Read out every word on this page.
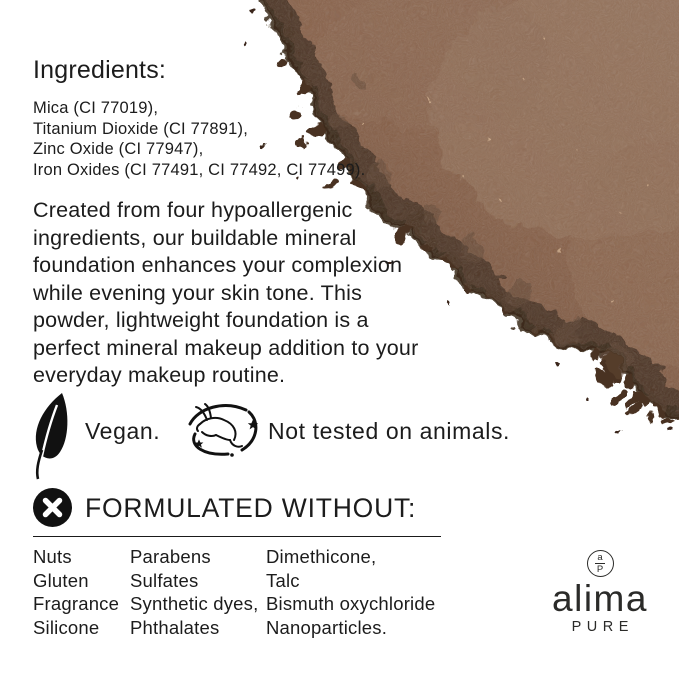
Ingredients:
Mica (CI 77019),
Titanium Dioxide (CI 77891),
Zinc Oxide (CI 77947),
Iron Oxides (CI 77491, CI 77492, CI 77499).
Created from four hypoallergenic
ingredients, our buildable mineral
foundation enhances your complexion
while evening your skin tone. This
powder, lightweight foundation is a
perfect mineral makeup addition to your
everyday makeup routine.
Vegan.	Not tested on animals.
FORMULATED WITHOUT:
Nuts
Gluten
Fragrance
Silicone
Parabens
Sulfates
Synthetic dyes,
Phthalates
Dimethicone,
Talc
Bismuth oxychloride
Nanoparticles.
a
P
alima
PURE
